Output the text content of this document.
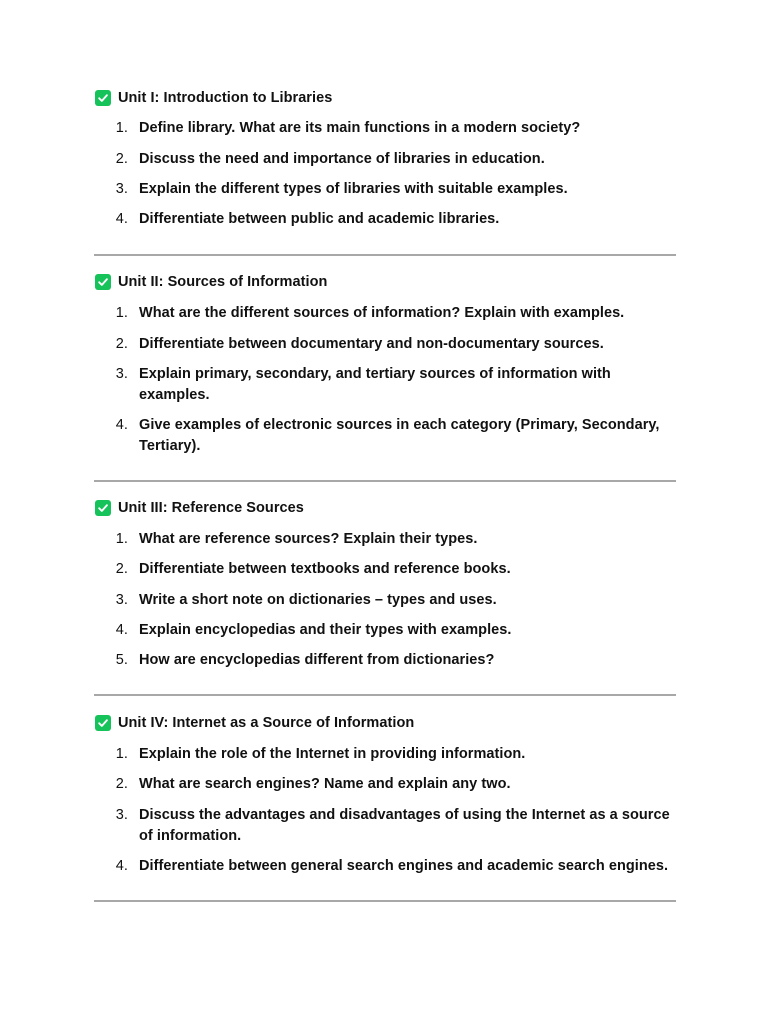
Unit I: Introduction to Libraries
1. Define library. What are its main functions in a modern society?
2. Discuss the need and importance of libraries in education.
3. Explain the different types of libraries with suitable examples.
4. Differentiate between public and academic libraries.
Unit II: Sources of Information
1. What are the different sources of information? Explain with examples.
2. Differentiate between documentary and non-documentary sources.
3. Explain primary, secondary, and tertiary sources of information with examples.
4. Give examples of electronic sources in each category (Primary, Secondary, Tertiary).
Unit III: Reference Sources
1. What are reference sources? Explain their types.
2. Differentiate between textbooks and reference books.
3. Write a short note on dictionaries – types and uses.
4. Explain encyclopedias and their types with examples.
5. How are encyclopedias different from dictionaries?
Unit IV: Internet as a Source of Information
1. Explain the role of the Internet in providing information.
2. What are search engines? Name and explain any two.
3. Discuss the advantages and disadvantages of using the Internet as a source of information.
4. Differentiate between general search engines and academic search engines.
